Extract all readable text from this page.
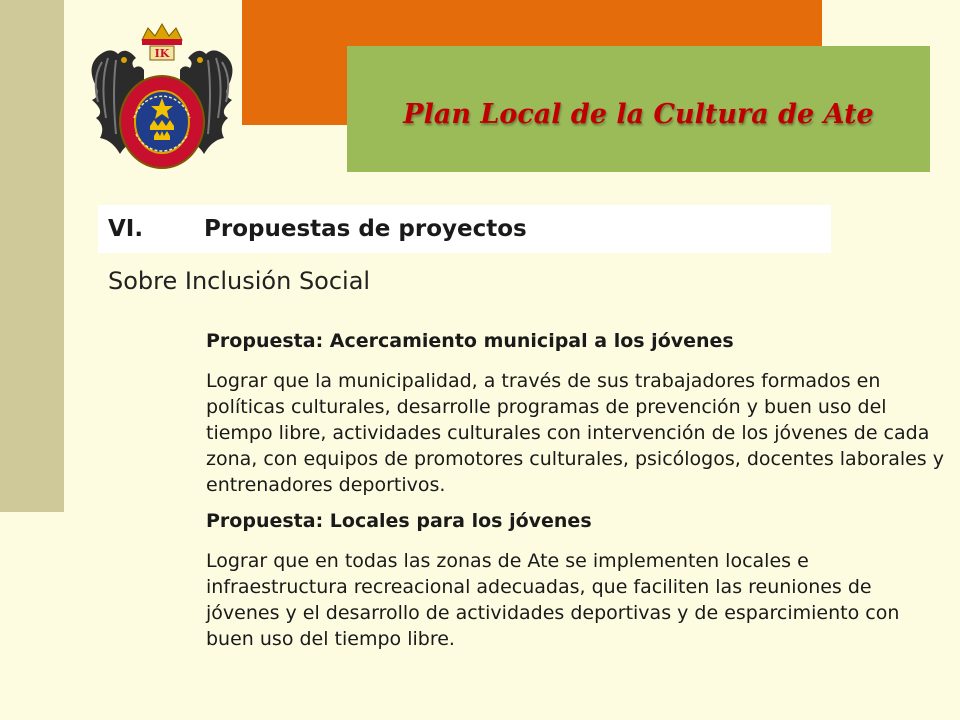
Plan Local de la Cultura de Ate
IK
VI.	Propuestas de proyectos
Sobre Inclusión Social

Propuesta: Acercamiento municipal a los jóvenes

Lograr que la municipalidad, a través de sus trabajadores formados en políticas culturales, desarrolle programas de prevención y buen uso del tiempo libre, actividades culturales con intervención de los jóvenes de cada zona, con equipos de promotores culturales, psicólogos, docentes laborales y entrenadores deportivos.

Propuesta: Locales para los jóvenes

Lograr que en todas las zonas de Ate se implementen locales e infraestructura recreacional adecuadas, que faciliten las reuniones de jóvenes y el desarrollo de actividades deportivas y de esparcimiento con buen uso del tiempo libre.
